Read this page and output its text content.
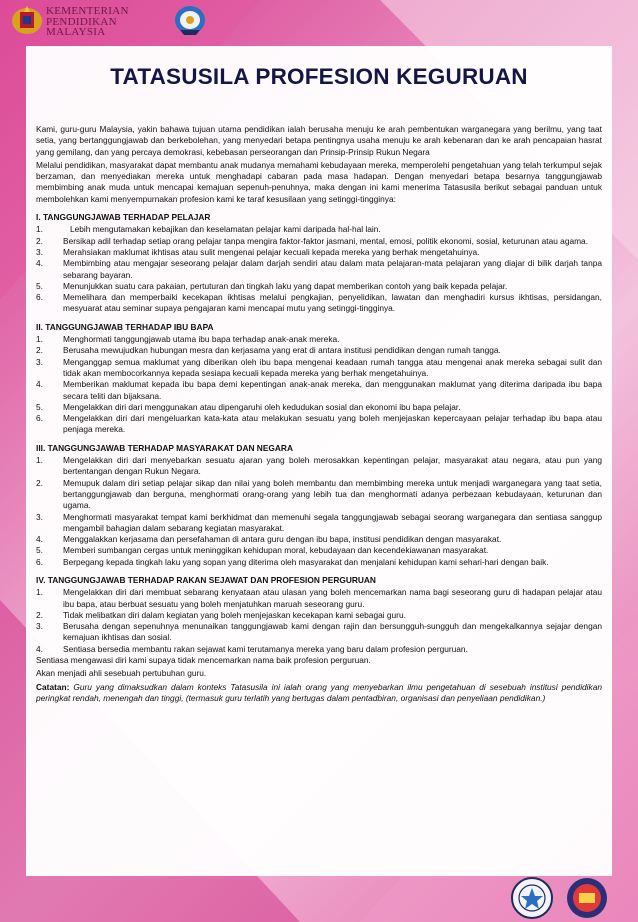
KEMENTERIAN
PENDIDIKAN
MALAYSIA
TATASUSILA PROFESION KEGURUAN

Kami, guru-guru Malaysia, yakin bahawa tujuan utama pendidikan ialah berusaha menuju ke arah pembentukan warganegara yang berilmu, yang taat setia, yang bertanggungjawab dan berkebolehan, yang menyedari betapa pentingnya usaha menuju ke arah kebenaran dan ke arah pencapaian hasrat yang gemilang, dan yang percaya demokrasi, kebebasan perseorangan dan Prinsip-Prinsip Rukun Negara

Melalui pendidikan, masyarakat dapat membantu anak mudanya memahami kebudayaan mereka, memperolehi pengetahuan yang telah terkumpul sejak berzaman, dan menyediakan mereka untuk menghadapi cabaran pada masa hadapan. Dengan menyedari betapa besarnya tanggungjawab membimbing anak muda untuk mencapai kemajuan sepenuh-penuhnya, maka dengan ini kami menerima Tatasusila berikut sebagai panduan untuk membolehkan kami menyempurnakan profesion kami ke taraf kesusilaan yang setinggi-tingginya:

I. TANGGUNGJAWAB TERHADAP PELAJAR
1.	Lebih mengutamakan kebajikan dan keselamatan pelajar kami daripada hal-hal lain.
2.	Bersikap adil terhadap setiap orang pelajar tanpa mengira faktor-faktor jasmani, mental, emosi, politik ekonomi, sosial, keturunan atau agama.
3.	Merahsiakan maklumat ikhtisas atau sulit mengenai pelajar kecuali kepada mereka yang berhak mengetahuinya.
4.	Membimbing atau mengajar seseorang pelajar dalam darjah sendiri atau dalam mata pelajaran-mata pelajaran yang diajar di bilik darjah tanpa sebarang bayaran.
5.	Menunjukkan suatu cara pakaian, pertuturan dan tingkah laku yang dapat memberikan contoh yang baik kepada pelajar.
6.	Memelihara dan memperbaiki kecekapan ikhtisas melalui pengkajian, penyelidikan, lawatan dan menghadiri kursus ikhtisas, persidangan, mesyuarat atau seminar supaya pengajaran kami mencapai mutu yang setinggi-tingginya.
II. TANGGUNGJAWAB TERHADAP IBU BAPA
1.	Menghormati tanggungjawab utama ibu bapa terhadap anak-anak mereka.
2.	Berusaha mewujudkan hubungan mesra dan kerjasama yang erat di antara institusi pendidikan dengan rumah tangga.
3.	Menganggap semua maklumat yang diberikan oleh ibu bapa mengenai keadaan rumah tangga atau mengenai anak mereka sebagai sulit dan tidak akan membocorkannya kepada sesiapa kecuali kepada mereka yang berhak mengetahuinya.
4.	Memberikan maklumat kepada ibu bapa demi kepentingan anak-anak mereka, dan menggunakan maklumat yang diterima daripada ibu bapa secara teliti dan bijaksana.
5.	Mengelakkan diri dari menggunakan atau dipengaruhi oleh kedudukan sosial dan ekonomi ibu bapa pelajar.
6.	Mengelakkan diri dari mengeluarkan kata-kata atau melakukan sesuatu yang boleh menjejaskan kepercayaan pelajar terhadap ibu bapa atau penjaga mereka.
III. TANGGUNGJAWAB TERHADAP MASYARAKAT DAN NEGARA
1.	Mengelakkan diri dari menyebarkan sesuatu ajaran yang boleh merosakkan kepentingan pelajar, masyarakat atau negara, atau pun yang bertentangan dengan Rukun Negara.
2.	Memupuk dalam diri setiap pelajar sikap dan nilai yang boleh membantu dan membimbing mereka untuk menjadi warganegara yang taat setia, bertanggungjawab dan berguna, menghormati orang-orang yang lebih tua dan menghormati adanya perbezaan kebudayaan, keturunan dan ugama.
3.	Menghormati masyarakat tempat kami berkhidmat dan memenuhi segala tanggungjawab sebagai seorang warganegara dan sentiasa sanggup mengambil bahagian dalam sebarang kegiatan masyarakat.
4.	Menggalakkan kerjasama dan persefahaman di antara guru dengan ibu bapa, institusi pendidikan dengan masyarakat.
5.	Memberi sumbangan cergas untuk meninggikan kehidupan moral, kebudayaan dan kecendekiawanan masyarakat.
6.	Berpegang kepada tingkah laku yang sopan yang diterima oleh masyarakat dan menjalani kehidupan kami sehari-hari dengan baik.
IV. TANGGUNGJAWAB TERHADAP RAKAN SEJAWAT DAN PROFESION PERGURUAN
1.	Mengelakkan diri dari membuat sebarang kenyataan atau ulasan yang boleh mencemarkan nama bagi seseorang guru di hadapan pelajar atau ibu bapa, atau berbuat sesuatu yang boleh menjatuhkan maruah seseorang guru.
2.	Tidak melibatkan diri dalam kegiatan yang boleh menjejaskan kecekapan kami sebagai guru.
3.	Berusaha dengan sepenuhnya menunaikan tanggungjawab kami dengan rajin dan bersungguh-sungguh dan mengekalkannya sejajar dengan kemajuan ikhtisas dan sosial.
4.	Sentiasa bersedia membantu rakan sejawat kami terutamanya mereka yang baru dalam profesion perguruan.

Sentiasa mengawasi diri kami supaya tidak mencemarkan nama baik profesion perguruan.

Akan menjadi ahli sesebuah pertubuhan guru.

Catatan: Guru yang dimaksudkan dalam konteks Tatasusila ini ialah orang yang menyebarkan ilmu pengetahuan di sesebuah institusi pendidikan peringkat rendah, menengah dan tinggi, (termasuk guru terlatih yang bertugas dalam pentadbiran, organisasi dan penyeliaan pendidikan.)
